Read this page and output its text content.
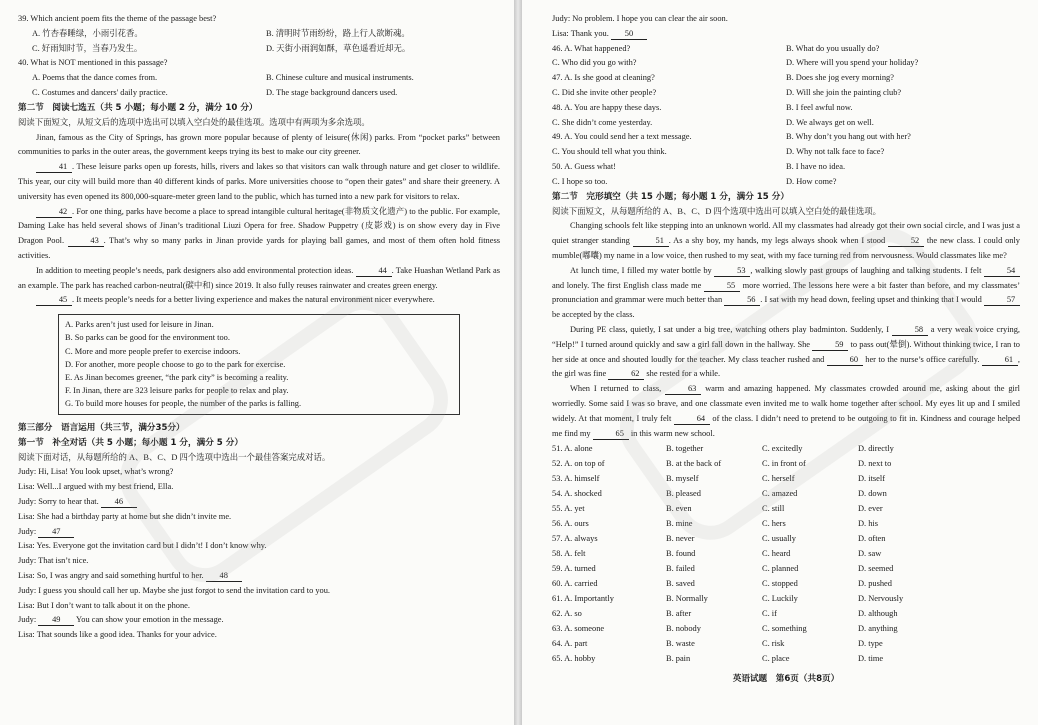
39. Which ancient poem fits the theme of the passage best?
A. 竹杏春睡绿，小雨引花香。	B. 清明时节雨纷纷，路上行人欲断魂。
C. 好雨知时节，当春乃发生。	D. 天街小雨润如酥，草色遥看近却无。
40. What is NOT mentioned in this passage?
A. Poems that the dance comes from.	B. Chinese culture and musical instruments.
C. Costumes and dancers' daily practice.	D. The stage background dancers used.
第二节　阅读七选五（共 5 小题；每小题 2 分，满分 10 分）
阅读下面短文，从短文后的选项中选出可以填入空白处的最佳选项。选项中有两项为多余选项。
Jinan, famous as the City of Springs, has grown more popular because of plenty of leisure(休闲) parks. From “pocket parks” between communities to parks in the outer areas, the government keeps trying its best to make our city greener.
41 . These leisure parks open up forests, hills, rivers and lakes so that visitors can walk through nature and get closer to wildlife. This year, our city will build more than 40 different kinds of parks. More universities choose to “open their gates” and share their greenery. A university has even opened its 800,000-square-meter green land to the public, which has turned into a new park for visitors to relax.
42 . For one thing, parks have become a place to spread intangible cultural heritage(非物质文化遗产) to the public. For example, Daming Lake has held several shows of Jinan’s traditional Liuzi Opera for free. Shadow Puppetry (皮影戏) is on show every day in Five Dragon Pool.	43 . That’s why so many parks in Jinan provide yards for playing ball games, and most of them often hold fitness activities.
In addition to meeting people’s needs, park designers also add environmental protection ideas.	44 . Take Huashan Wetland Park as an example. The park has reached carbon-neutral(碳中和) since 2019. It also fully reuses rainwater and creates green energy.
45 . It meets people’s needs for a better living experience and makes the natural environment nicer everywhere.
A. Parks aren’t just used for leisure in Jinan.
B. So parks can be good for the environment too.
C. More and more people prefer to exercise indoors.
D. For another, more people choose to go to the park for exercise.
E. As Jinan becomes greener, “the park city” is becoming a reality.
F. In Jinan, there are 323 leisure parks for people to relax and play.
G. To build more houses for people, the number of the parks is falling.
第三部分　语言运用（共三节，满分35分）
第一节　补全对话（共 5 小题；每小题 1 分，满分 5 分）
阅读下面对话，从每题所给的 A、B、C、D 四个选项中选出一个最佳答案完成对话。
Judy: Hi, Lisa! You look upset, what’s wrong?
Lisa: Well...I argued with my best friend, Ella.
Judy: Sorry to hear that. 46
Lisa: She had a birthday party at home but she didn’t invite me.
Judy: 47
Lisa: Yes. Everyone got the invitation card but I didn’t! I don’t know why.
Judy: That isn’t nice.
Lisa: So, I was angry and said something hurtful to her. 48
Judy: I guess you should call her up. Maybe she just forgot to send the invitation card to you.
Lisa: But I don’t want to talk about it on the phone.
Judy: 49 You can show your emotion in the message.
Lisa: That sounds like a good idea. Thanks for your advice.
Judy: No problem. I hope you can clear the air soon.
Lisa: Thank you. 50
46. A. What happened?	B. What do you usually do?
C. Who did you go with?	D. Where will you spend your holiday?
47. A. Is she good at cleaning?	B. Does she jog every morning?
C. Did she invite other people?	D. Will she join the painting club?
48. A. You are happy these days.	B. I feel awful now.
C. She didn’t come yesterday.	D. We always get on well.
49. A. You could send her a text message.	B. Why don’t you hang out with her?
C. You should tell what you think.	D. Why not talk face to face?
50. A. Guess what!	B. I have no idea.
C. I hope so too.	D. How come?
第二节　完形填空（共 15 小题；每小题 1 分，满分 15 分）
阅读下面短文，从每题所给的 A、B、C、D 四个选项中选出可以填入空白处的最佳选项。
Changing schools felt like stepping into an unknown world. All my classmates had already got their own social circle, and I was just a quiet stranger standing	51 . As a shy boy, my hands, my legs always shook when I stood	52 the new class. I could only mumble(嘟囔) my name in a low voice, then rushed to my seat, with my face turning red from nervousness. Would classmates like me?
At lunch time, I filled my water bottle by	53 , walking slowly past groups of laughing and talking students. I felt	54 and lonely. The first English class made me	55 more worried. The lessons here were a bit faster than before, and my classmates’ pronunciation and grammar were much better than	56 . I sat with my head down, feeling upset and thinking that I would	57 be accepted by the class.
During PE class, quietly, I sat under a big tree, watching others play badminton. Suddenly, I	58 a very weak voice crying, “Help!” I turned around quickly and saw a girl fall down in the hallway. She	59 to pass out(晕倒). Without thinking twice, I ran to her side at once and shouted loudly for the teacher. My class teacher rushed and	60 her to the nurse’s office carefully.	61 , the girl was fine	62 she rested for a while.
When I returned to class,	63 warm and amazing happened. My classmates crowded around me, asking about the girl worriedly. Some said I was so brave, and one classmate even invited me to walk home together after school. My eyes lit up and I smiled widely. At that moment, I truly felt	64 of the class. I didn’t need to pretend to be outgoing to fit in. Kindness and courage helped me find my	65 in this warm new school.
51. A. alone	B. together	C. excitedly	D. directly
52. A. on top of	B. at the back of	C. in front of	D. next to
53. A. himself	B. myself	C. herself	D. itself
54. A. shocked	B. pleased	C. amazed	D. down
55. A. yet	B. even	C. still	D. ever
56. A. ours	B. mine	C. hers	D. his
57. A. always	B. never	C. usually	D. often
58. A. felt	B. found	C. heard	D. saw
59. A. turned	B. failed	C. planned	D. seemed
60. A. carried	B. saved	C. stopped	D. pushed
61. A. Importantly	B. Normally	C. Luckily	D. Nervously
62. A. so	B. after	C. if	D. although
63. A. someone	B. nobody	C. something	D. anything
64. A. part	B. waste	C. risk	D. type
65. A. hobby	B. pain	C. place	D. time
英语试题　第6页（共8页）
